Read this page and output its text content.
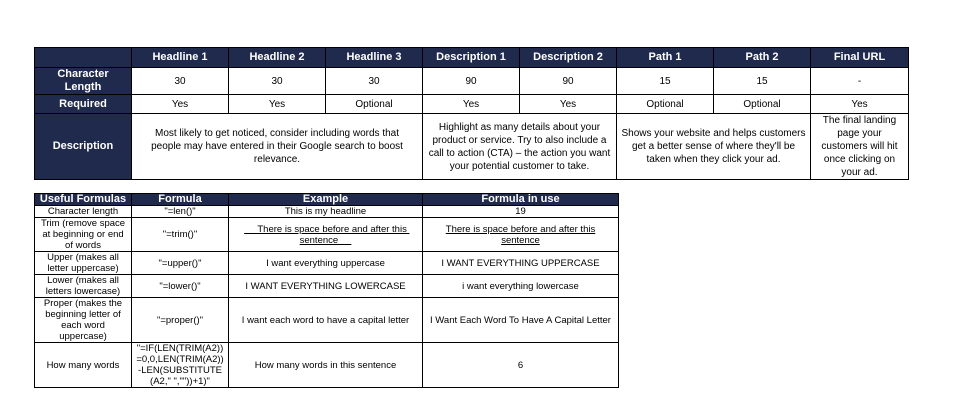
	Headline 1	Headline 2	Headline 3	Description 1	Description 2	Path 1	Path 2	Final URL
Character Length	30	30	30	90	90	15	15	-
Required	Yes	Yes	Optional	Yes	Yes	Optional	Optional	Yes
Description	Most likely to get noticed, consider including words that people may have entered in their Google search to boost relevance.			Highlight as many details about your product or service. Try to also include a call to action (CTA) – the action you want your potential customer to take.		Shows your website and helps customers get a better sense of where they'll be taken when they click your ad.		The final landing page your customers will hit once clicking on your ad.
Useful Formulas	Formula	Example	Formula in use
Character length	"=len()"	This is my headline	19
Trim (remove space at beginning or end of words	"=trim()"	There is space before and after this sentence	There is space before and after this sentence
Upper (makes all letter uppercase)	"=upper()"	I want everything uppercase	I WANT EVERYTHING UPPERCASE
Lower (makes all letters lowercase)	"=lower()"	I WANT EVERYTHING LOWERCASE	i want everything lowercase
Proper (makes the beginning letter of each word uppercase)	"=proper()"	I want each word to have a capital letter	I Want Each Word To Have A Capital Letter
How many words	"=IF(LEN(TRIM(A2))=0,0,LEN(TRIM(A2))-LEN(SUBSTITUTE(A2," ",""))+1)"	How many words in this sentence	6
